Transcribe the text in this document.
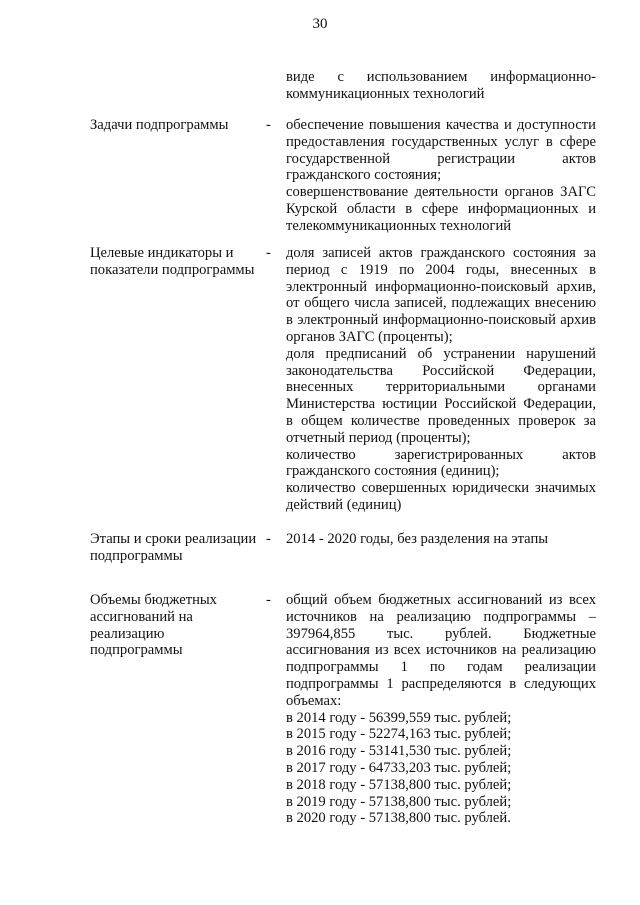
30

виде с использованием информационно-коммуникационных технологий

Задачи подпрограммы	- обеспечение повышения качества и доступности предоставления государственных услуг в сфере государственной регистрации актов гражданского состояния;

совершенствование деятельности органов ЗАГС Курской области в сфере информационных и телекоммуникационных технологий

Целевые индикаторы и показатели подпрограммы
- доля записей актов гражданского состояния за период с 1919 по 2004 годы, внесенных в электронный информационно-поисковый архив, от общего числа записей, подлежащих внесению в электронный информационно-поисковый архив органов ЗАГС (проценты);

доля предписаний об устранении нарушений законодательства Российской Федерации, внесенных территориальными органами Министерства юстиции Российской Федерации, в общем количестве проведенных проверок за отчетный период (проценты);

количество зарегистрированных актов гражданского состояния (единиц);

количество совершенных юридически значимых действий (единиц)

Этапы и сроки реализации подпрограммы
- 2014 - 2020 годы, без разделения на этапы

Объемы бюджетных ассигнований на реализацию подпрограммы
- общий объем бюджетных ассигнований из всех источников на реализацию подпрограммы – 397964,855 тыс. рублей. Бюджетные ассигнования из всех источников на реализацию подпрограммы 1 по годам реализации подпрограммы 1 распределяются в следующих объемах:

в 2014 году - 56399,559 тыс. рублей;

в 2015 году - 52274,163 тыс. рублей;

в 2016 году - 53141,530 тыс. рублей;

в 2017 году - 64733,203 тыс. рублей;

в 2018 году - 57138,800 тыс. рублей;

в 2019 году - 57138,800 тыс. рублей;

в 2020 году - 57138,800 тыс. рублей.
